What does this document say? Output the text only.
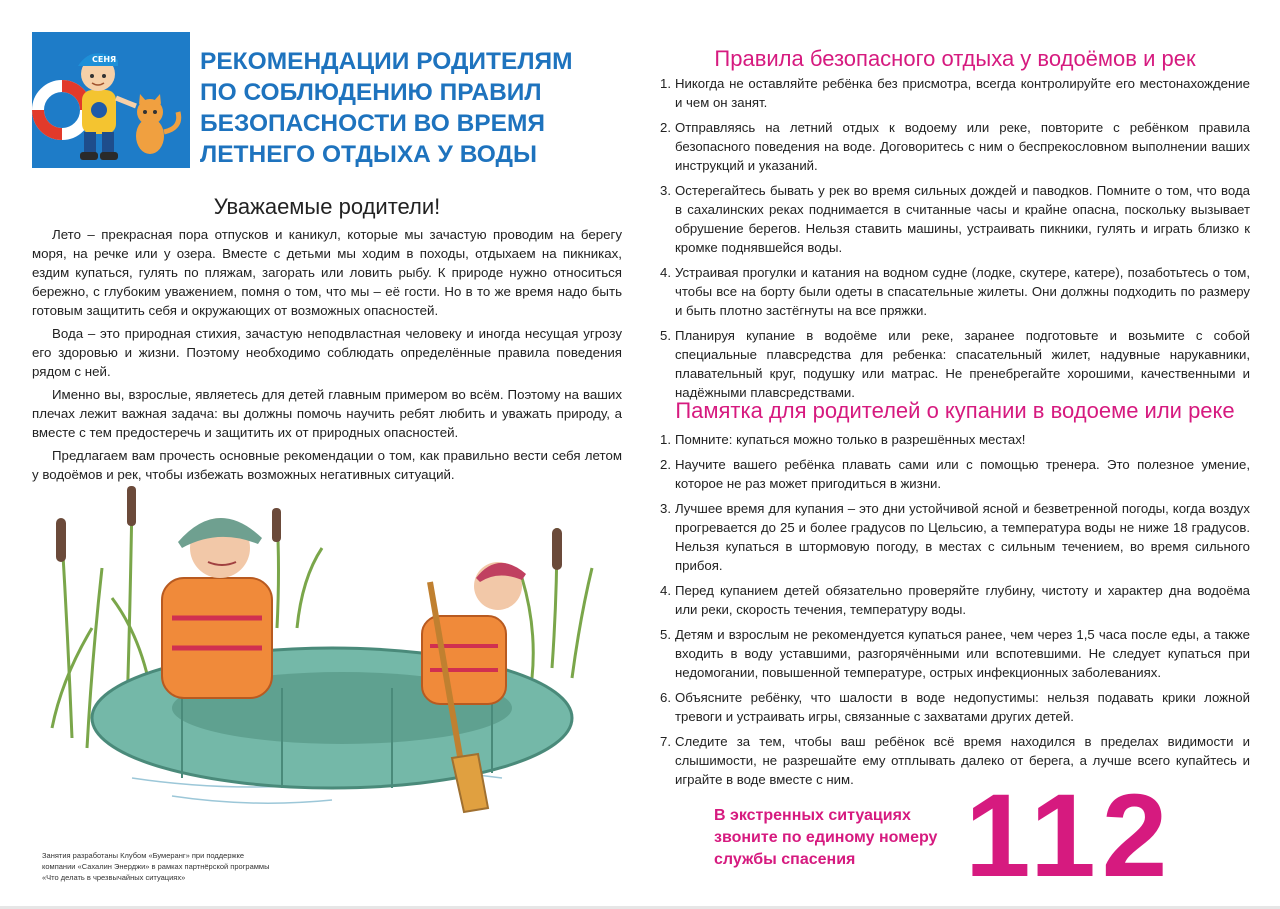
СЕНЯ	РЕКОМЕНДАЦИИ РОДИТЕЛЯМ
ПО СОБЛЮДЕНИЮ ПРАВИЛ
БЕЗОПАСНОСТИ ВО ВРЕМЯ
ЛЕТНЕГО ОТДЫХА У ВОДЫ
Уважаемые родители!

Лето – прекрасная пора отпусков и каникул, которые мы зачастую проводим на берегу моря, на речке или у озера. Вместе с детьми мы ходим в походы, отдыхаем на пикниках, ездим купаться, гулять по пляжам, загорать или ловить рыбу. К природе нужно относиться бережно, с глубоким уважением, помня о том, что мы – её гости. Но в то же время надо быть готовым защитить себя и окружающих от возможных опасностей.

Вода – это природная стихия, зачастую неподвластная человеку и иногда несущая угрозу его здоровью и жизни. Поэтому необходимо соблюдать определённые правила поведения рядом с ней.

Именно вы, взрослые, являетесь для детей главным примером во всём. Поэтому на ваших плечах лежит важная задача: вы должны помочь научить ребят любить и уважать природу, а вместе с тем предостеречь и защитить их от природных опасностей.

Предлагаем вам прочесть основные рекомендации о том, как правильно вести себя летом у водоёмов и рек, чтобы избежать возможных негативных ситуаций.

Занятия разработаны Клубом «Бумеранг» при поддержке
компании «Сахалин Энерджи» в рамках партнёрской программы
«Что делать в чрезвычайных ситуациях»
Правила безопасного отдыха у водоёмов и рек
1. Никогда не оставляйте ребёнка без присмотра, всегда контролируйте его местонахождение и чем он занят.
2. Отправляясь на летний отдых к водоему или реке, повторите с ребёнком правила безопасного поведения на воде. Договоритесь с ним о беспрекословном выполнении ваших инструкций и указаний.
3. Остерегайтесь бывать у рек во время сильных дождей и паводков. Помните о том, что вода в сахалинских реках поднимается в считанные часы и крайне опасна, поскольку вызывает обрушение берегов. Нельзя ставить машины, устраивать пикники, гулять и играть близко к кромке поднявшейся воды.
4. Устраивая прогулки и катания на водном судне (лодке, скутере, катере), позаботьтесь о том, чтобы все на борту были одеты в спасательные жилеты. Они должны подходить по размеру и быть плотно застёгнуты на все пряжки.
5. Планируя купание в водоёме или реке, заранее подготовьте и возьмите с собой специальные плавсредства для ребенка: спасательный жилет, надувные нарукавники, плавательный круг, подушку или матрас. Не пренебрегайте хорошими, качественными и надёжными плавсредствами.
Памятка для родителей о купании в водоеме или реке
1. Помните: купаться можно только в разрешённых местах!
2. Научите вашего ребёнка плавать сами или с помощью тренера. Это полезное умение, которое не раз может пригодиться в жизни.
3. Лучшее время для купания – это дни устойчивой ясной и безветренной погоды, когда воздух прогревается до 25 и более градусов по Цельсию, а температура воды не ниже 18 градусов. Нельзя купаться в штормовую погоду, в местах с сильным течением, во время сильного прибоя.
4. Перед купанием детей обязательно проверяйте глубину, чистоту и характер дна водоёма или реки, скорость течения, температуру воды.
5. Детям и взрослым не рекомендуется купаться ранее, чем через 1,5 часа после еды, а также входить в воду уставшими, разгорячёнными или вспотевшими. Не следует купаться при недомогании, повышенной температуре, острых инфекционных заболеваниях.
6. Объясните ребёнку, что шалости в воде недопустимы: нельзя подавать крики ложной тревоги и устраивать игры, связанные с захватами других детей.
7. Следите за тем, чтобы ваш ребёнок всё время находился в пределах видимости и слышимости, не разрешайте ему отплывать далеко от берега, а лучше всего купайтесь и играйте в воде вместе с ним.
В экстренных ситуациях
звоните по единому номеру
службы спасения 112
